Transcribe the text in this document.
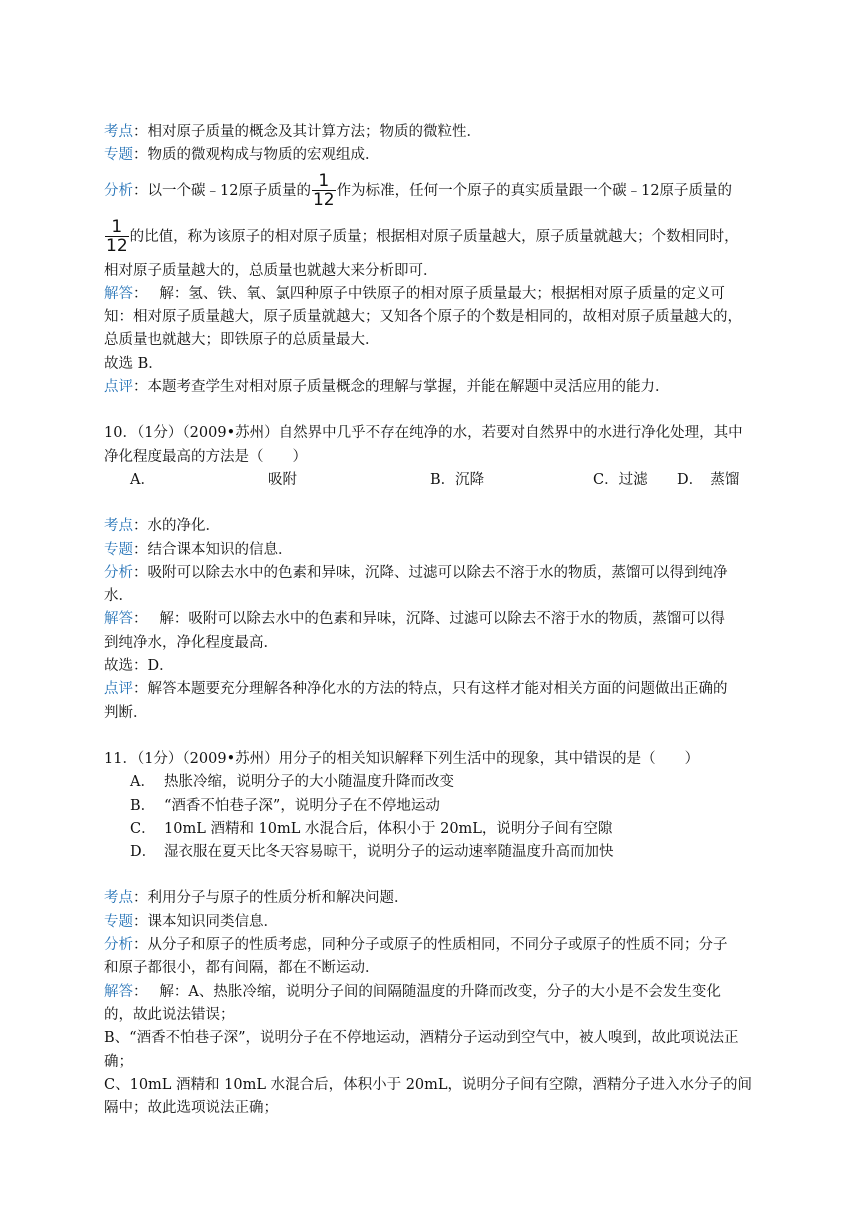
考点：相对原子质量的概念及其计算方法；物质的微粒性．
专题：物质的微观构成与物质的宏观组成．
分析：以一个碳﹣12原子质量的 $\frac{1}{12}$ 作为标准，任何一个原子的真实质量跟一个碳﹣12原子质量的
$\frac{1}{12}$ 的比值，称为该原子的相对原子质量；根据相对原子质量越大，原子质量就越大；个数相同时，
相对原子质量越大的，总质量也就越大来分析即可．
解答：　 解：氢、铁、氧、氯四种原子中铁原子的相对原子质量最大；根据相对原子质量的定义可
知：相对原子质量越大，原子质量就越大；又知各个原子的个数是相同的，故相对原子质量越大的，
总质量也就越大；即铁原子的总质量最大．
故选 B．
点评：本题考查学生对相对原子质量概念的理解与掌握，并能在解题中灵活应用的能力．
10．（1分）（2009•苏州）自然界中几乎不存在纯净的水，若要对自然界中的水进行净化处理，其中
净化程度最高的方法是（　　）
A．	吸附	B．沉降	C．过滤 D．　蒸馏
考点：水的净化．
专题：结合课本知识的信息．
分析：吸附可以除去水中的色素和异味，沉降、过滤可以除去不溶于水的物质，蒸馏可以得到纯净
水．
解答：　 解：吸附可以除去水中的色素和异味，沉降、过滤可以除去不溶于水的物质，蒸馏可以得
到纯净水，净化程度最高．
故选：D．
点评：解答本题要充分理解各种净化水的方法的特点，只有这样才能对相关方面的问题做出正确的
判断．
11．（1分）（2009•苏州）用分子的相关知识解释下列生活中的现象，其中错误的是（　　）
A． 热胀冷缩，说明分子的大小随温度升降而改变
B． “酒香不怕巷子深”，说明分子在不停地运动
C． 10mL 酒精和 10mL 水混合后，体积小于 20mL，说明分子间有空隙
D． 湿衣服在夏天比冬天容易晾干，说明分子的运动速率随温度升高而加快
考点：利用分子与原子的性质分析和解决问题．
专题：课本知识同类信息．
分析：从分子和原子的性质考虑，同种分子或原子的性质相同，不同分子或原子的性质不同；分子
和原子都很小，都有间隔，都在不断运动．
解答：　 解：A、热胀冷缩，说明分子间的间隔随温度的升降而改变，分子的大小是不会发生变化
的，故此说法错误；
B、“酒香不怕巷子深”，说明分子在不停地运动，酒精分子运动到空气中，被人嗅到，故此项说法正
确；
C、10mL 酒精和 10mL 水混合后，体积小于 20mL，说明分子间有空隙，酒精分子进入水分子的间
隔中；故此选项说法正确；
